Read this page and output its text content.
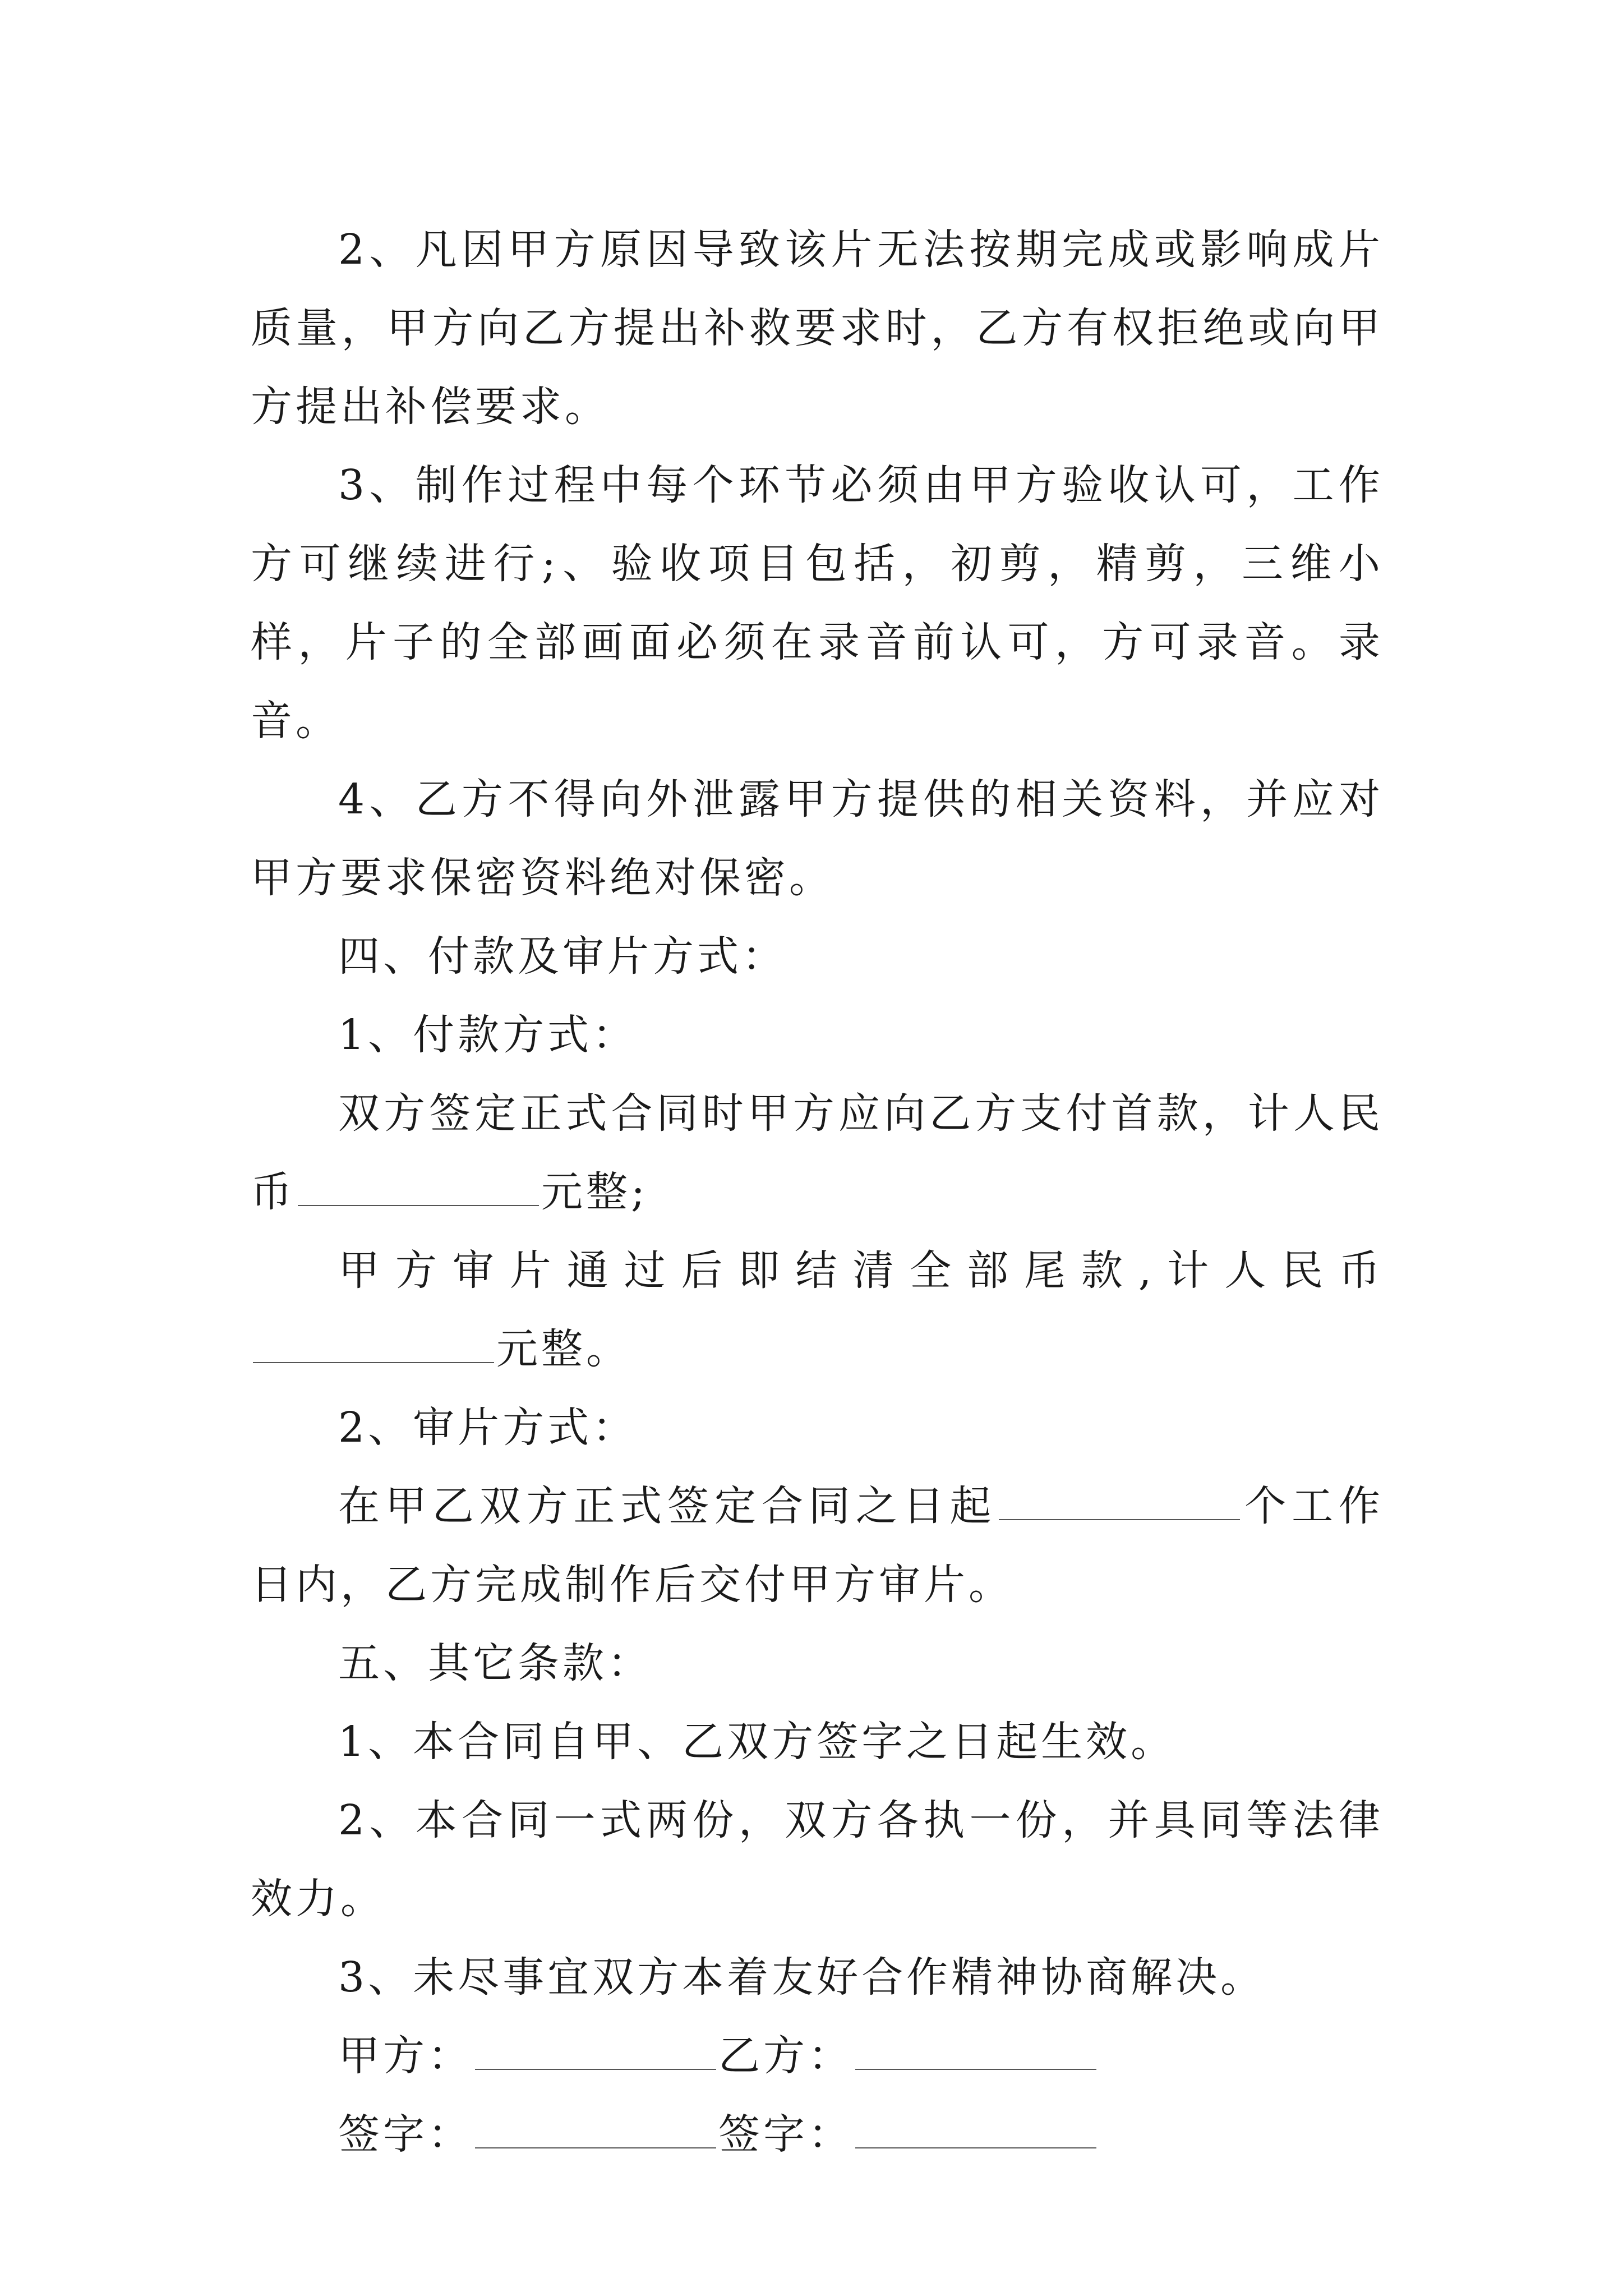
2、凡因甲方原因导致该片无法按期完成或影响成片质量，甲方向乙方提出补救要求时，乙方有权拒绝或向甲方提出补偿要求。

3、制作过程中每个环节必须由甲方验收认可，工作方可继续进行;、验收项目包括，初剪，精剪，三维小样，片子的全部画面必须在录音前认可，方可录音。录音。

4、乙方不得向外泄露甲方提供的相关资料，并应对甲方要求保密资料绝对保密。

四、付款及审片方式：

1、付款方式：

双方签定正式合同时甲方应向乙方支付首款，计人民币	元整;

甲方审片通过后即结清全部尾款,计人民币元整。

2、审片方式：

在甲乙双方正式签定合同之日起	个工作日内，乙方完成制作后交付甲方审片。

五、其它条款：

1、本合同自甲、乙双方签字之日起生效。

2、本合同一式两份，双方各执一份，并具同等法律效力。

3、未尽事宜双方本着友好合作精神协商解决。

甲方：	乙方：

签字：	签字：
